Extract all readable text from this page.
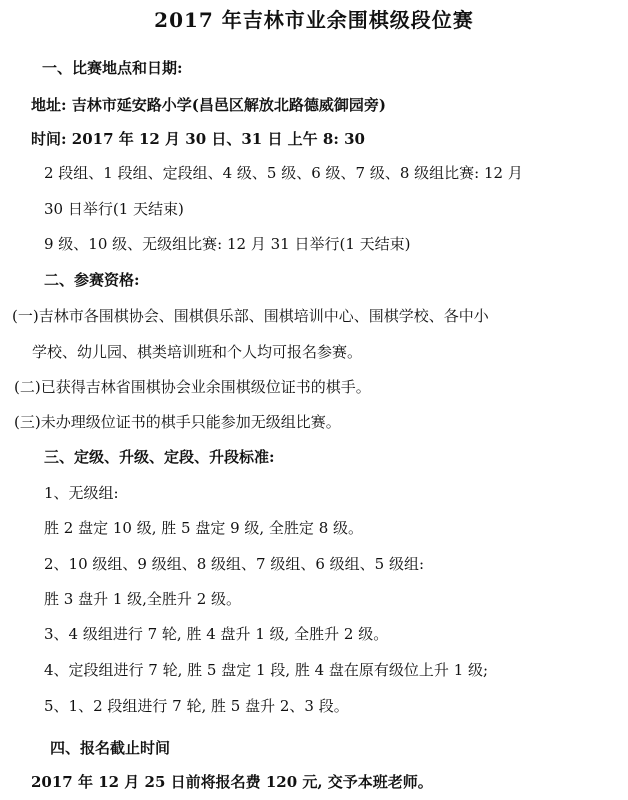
2017 年吉林市业余围棋级段位赛
一、比赛地点和日期:
地址: 吉林市延安路小学(昌邑区解放北路德威御园旁)
时间: 2017 年 12 月 30 日、31 日 上午 8: 30
2 段组、1 段组、定段组、4 级、5 级、6 级、7 级、8 级组比赛: 12 月
30 日举行(1 天结束)
9 级、10 级、无级组比赛: 12 月 31 日举行(1 天结束)
二、参赛资格:
(一)吉林市各围棋协会、围棋俱乐部、围棋培训中心、围棋学校、各中小
学校、幼儿园、棋类培训班和个人均可报名参赛。
(二)已获得吉林省围棋协会业余围棋级位证书的棋手。
(三)未办理级位证书的棋手只能参加无级组比赛。
三、定级、升级、定段、升段标准:
1、无级组:
胜 2 盘定 10 级, 胜 5 盘定 9 级, 全胜定 8 级。
2、10 级组、9 级组、8 级组、7 级组、6 级组、5 级组:
胜 3 盘升 1 级,全胜升 2 级。
3、4 级组进行 7 轮, 胜 4 盘升 1 级, 全胜升 2 级。
4、定段组进行 7 轮, 胜 5 盘定 1 段, 胜 4 盘在原有级位上升 1 级;
5、1、2 段组进行 7 轮, 胜 5 盘升 2、3 段。
四、报名截止时间
2017 年 12 月 25 日前将报名费 120 元, 交予本班老师。
